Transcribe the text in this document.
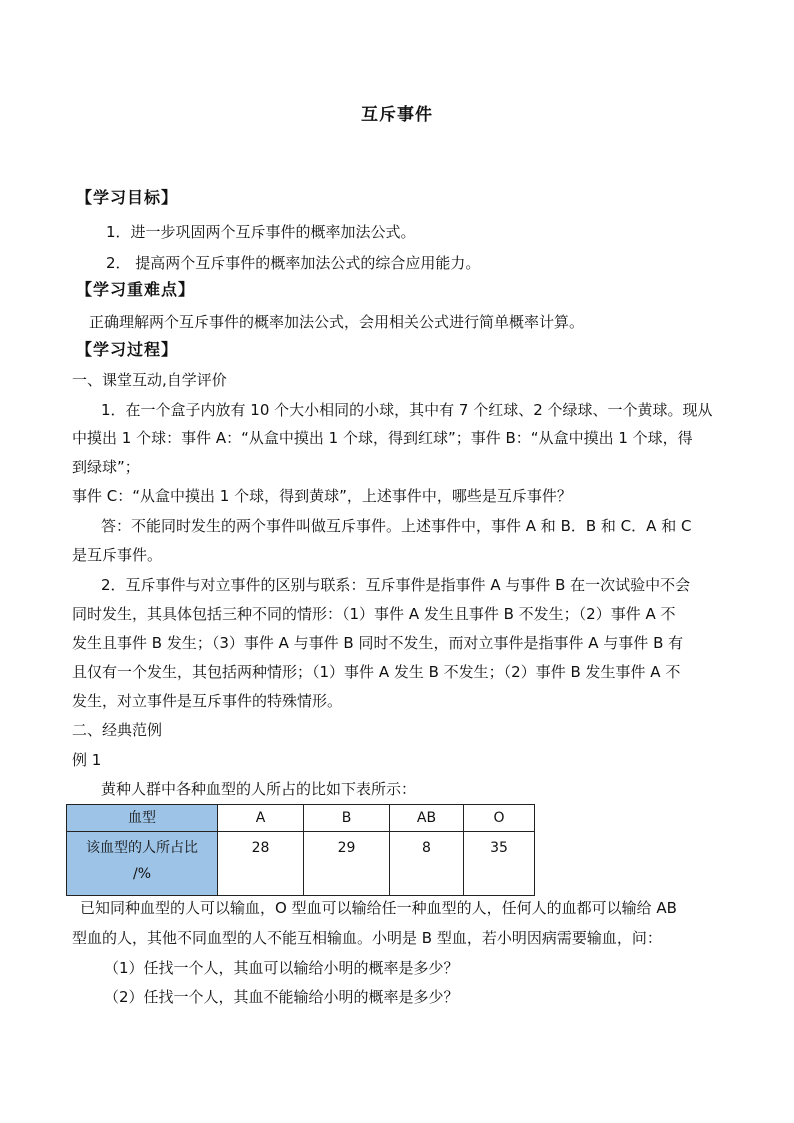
互斥事件
【学习目标】
1．进一步巩固两个互斥事件的概率加法公式。
2． 提高两个互斥事件的概率加法公式的综合应用能力。
【学习重难点】
正确理解两个互斥事件的概率加法公式，会用相关公式进行简单概率计算。
【学习过程】
一、课堂互动,自学评价
1．在一个盒子内放有 10 个大小相同的小球，其中有 7 个红球、2 个绿球、一个黄球。现从
中摸出 1 个球：事件 A：“从盒中摸出 1 个球，得到红球”；事件 B：“从盒中摸出 1 个球，得
到绿球”；
事件 C：“从盒中摸出 1 个球，得到黄球”，上述事件中，哪些是互斥事件？
答：不能同时发生的两个事件叫做互斥事件。上述事件中，事件 A 和 B．B 和 C．A 和 C
是互斥事件。
2．互斥事件与对立事件的区别与联系：互斥事件是指事件 A 与事件 B 在一次试验中不会
同时发生，其具体包括三种不同的情形：（1）事件 A 发生且事件 B 不发生；（2）事件 A 不
发生且事件 B 发生；（3）事件 A 与事件 B 同时不发生，而对立事件是指事件 A 与事件 B 有
且仅有一个发生，其包括两种情形；（1）事件 A 发生 B 不发生；（2）事件 B 发生事件 A 不
发生，对立事件是互斥事件的特殊情形。
二、经典范例
例 1
黄种人群中各种血型的人所占的比如下表所示：
血型	A	B	AB	O

该血型的人所占比
/%	28	29	8	35
已知同种血型的人可以输血，O 型血可以输给任一种血型的人，任何人的血都可以输给 AB
型血的人，其他不同血型的人不能互相输血。小明是 B 型血，若小明因病需要输血，问：
（1）任找一个人，其血可以输给小明的概率是多少？
（2）任找一个人，其血不能输给小明的概率是多少？
